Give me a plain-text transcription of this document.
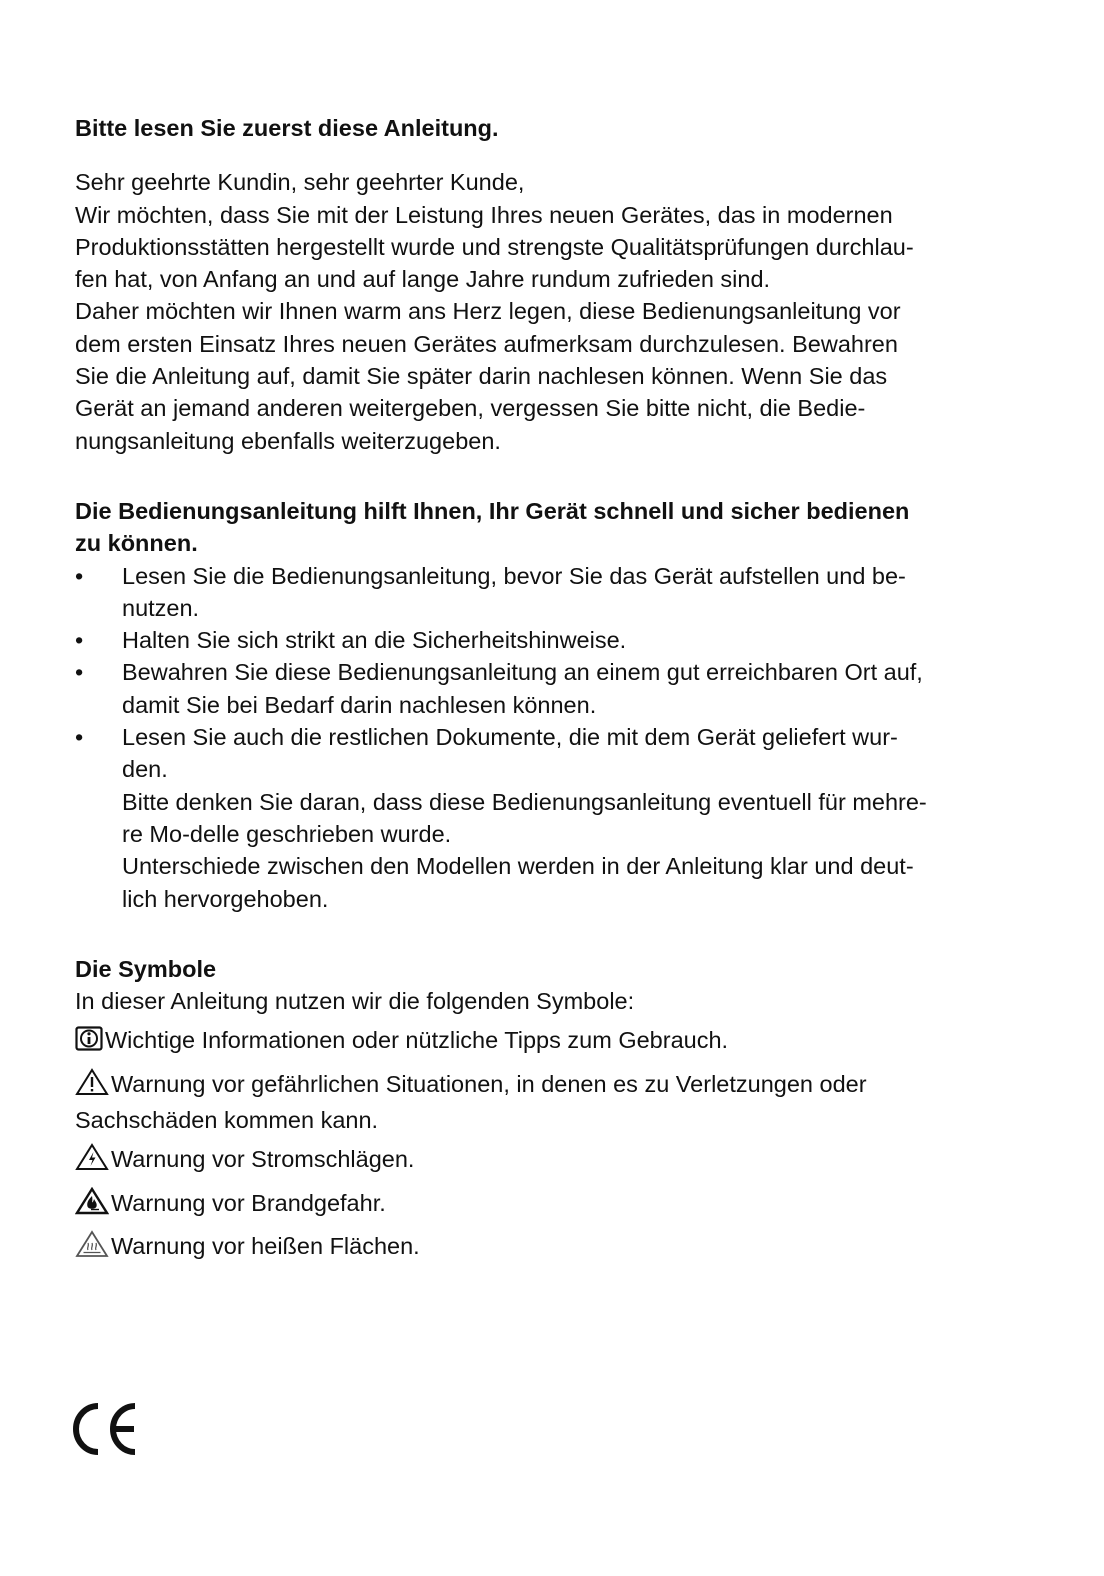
Bitte lesen Sie zuerst diese Anleitung.

Sehr geehrte Kundin, sehr geehrter Kunde,

Wir möchten, dass Sie mit der Leistung Ihres neuen Gerätes, das in modernen

Produktionsstätten hergestellt wurde und strengste Qualitätsprüfungen durchlau-

fen hat, von Anfang an und auf lange Jahre rundum zufrieden sind.

Daher möchten wir Ihnen warm ans Herz legen, diese Bedienungsanleitung vor

dem ersten Einsatz Ihres neuen Gerätes aufmerksam durchzulesen. Bewahren

Sie die Anleitung auf, damit Sie später darin nachlesen können. Wenn Sie das

Gerät an jemand anderen weitergeben, vergessen Sie bitte nicht, die Bedie-

nungsanleitung ebenfalls weiterzugeben.

Die Bedienungsanleitung hilft Ihnen, Ihr Gerät schnell und sicher bedienen

zu können.

• Lesen Sie die Bedienungsanleitung, bevor Sie das Gerät aufstellen und be-

nutzen.

• Halten Sie sich strikt an die Sicherheitshinweise.

• Bewahren Sie diese Bedienungsanleitung an einem gut erreichbaren Ort auf,

damit Sie bei Bedarf darin nachlesen können.

• Lesen Sie auch die restlichen Dokumente, die mit dem Gerät geliefert wur-

den.

Bitte denken Sie daran, dass diese Bedienungsanleitung eventuell für mehre-

re Mo-delle geschrieben wurde.

Unterschiede zwischen den Modellen werden in der Anleitung klar und deut-

lich hervorgehoben.

Die Symbole

In dieser Anleitung nutzen wir die folgenden Symbole:

Wichtige Informationen oder nützliche Tipps zum Gebrauch.

Warnung vor gefährlichen Situationen, in denen es zu Verletzungen oder

Sachschäden kommen kann.

Warnung vor Stromschlägen.

Warnung vor Brandgefahr.

Warnung vor heißen Flächen.
